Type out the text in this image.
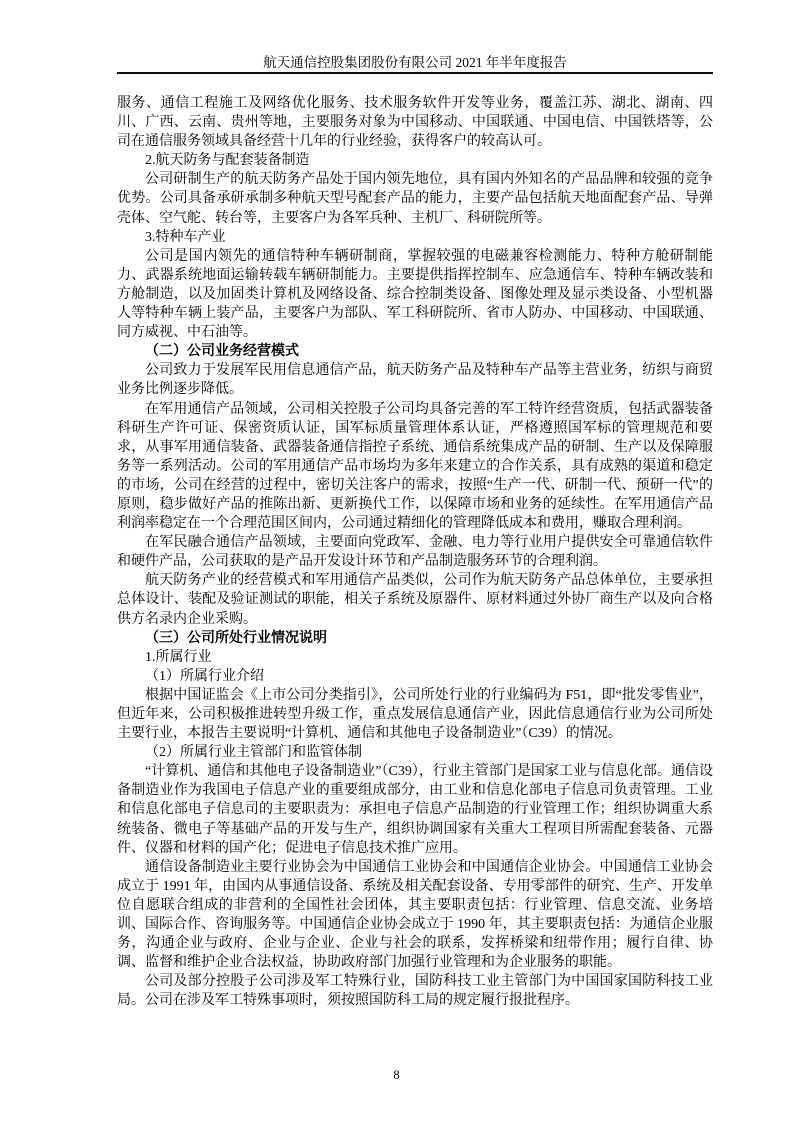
航天通信控股集团股份有限公司 2021 年半年度报告

服务、通信工程施工及网络优化服务、技术服务软件开发等业务，覆盖江苏、湖北、湖南、四川、广西、云南、贵州等地，主要服务对象为中国移动、中国联通、中国电信、中国铁塔等，公司在通信服务领域具备经营十几年的行业经验，获得客户的较高认可。

2.航天防务与配套装备制造

公司研制生产的航天防务产品处于国内领先地位，具有国内外知名的产品品牌和较强的竞争优势。公司具备承研承制多种航天型号配套产品的能力，主要产品包括航天地面配套产品、导弹壳体、空气舵、转台等，主要客户为各军兵种、主机厂、科研院所等。

3.特种车产业

公司是国内领先的通信特种车辆研制商，掌握较强的电磁兼容检测能力、特种方舱研制能力、武器系统地面运输转载车辆研制能力。主要提供指挥控制车、应急通信车、特种车辆改装和方舱制造，以及加固类计算机及网络设备、综合控制类设备、图像处理及显示类设备、小型机器人等特种车辆上装产品，主要客户为部队、军工科研院所、省市人防办、中国移动、中国联通、同方威视、中石油等。

（二）公司业务经营模式

公司致力于发展军民用信息通信产品，航天防务产品及特种车产品等主营业务，纺织与商贸业务比例逐步降低。

在军用通信产品领域，公司相关控股子公司均具备完善的军工特许经营资质，包括武器装备科研生产许可证、保密资质认证，国军标质量管理体系认证，严格遵照国军标的管理规范和要求，从事军用通信装备、武器装备通信指控子系统、通信系统集成产品的研制、生产以及保障服务等一系列活动。公司的军用通信产品市场均为多年来建立的合作关系，具有成熟的渠道和稳定的市场，公司在经营的过程中，密切关注客户的需求，按照“生产一代、研制一代、预研一代”的原则，稳步做好产品的推陈出新、更新换代工作，以保障市场和业务的延续性。在军用通信产品利润率稳定在一个合理范围区间内，公司通过精细化的管理降低成本和费用，赚取合理利润。

在军民融合通信产品领域，主要面向党政军、金融、电力等行业用户提供安全可靠通信软件和硬件产品，公司获取的是产品开发设计环节和产品制造服务环节的合理利润。

航天防务产业的经营模式和军用通信产品类似，公司作为航天防务产品总体单位，主要承担总体设计、装配及验证测试的职能，相关子系统及原器件、原材料通过外协厂商生产以及向合格供方名录内企业采购。

（三）公司所处行业情况说明

1.所属行业

（1）所属行业介绍

根据中国证监会《上市公司分类指引》，公司所处行业的行业编码为 F51，即“批发零售业”，但近年来，公司积极推进转型升级工作，重点发展信息通信产业，因此信息通信行业为公司所处主要行业，本报告主要说明“计算机、通信和其他电子设备制造业”（C39）的情况。

（2）所属行业主管部门和监管体制

“计算机、通信和其他电子设备制造业”（C39），行业主管部门是国家工业与信息化部。通信设备制造业作为我国电子信息产业的重要组成部分，由工业和信息化部电子信息司负责管理。工业和信息化部电子信息司的主要职责为：承担电子信息产品制造的行业管理工作；组织协调重大系统装备、微电子等基础产品的开发与生产，组织协调国家有关重大工程项目所需配套装备、元器件、仪器和材料的国产化；促进电子信息技术推广应用。

通信设备制造业主要行业协会为中国通信工业协会和中国通信企业协会。中国通信工业协会成立于 1991 年，由国内从事通信设备、系统及相关配套设备、专用零部件的研究、生产、开发单位自愿联合组成的非营利的全国性社会团体，其主要职责包括：行业管理、信息交流、业务培训、国际合作、咨询服务等。中国通信企业协会成立于 1990 年，其主要职责包括：为通信企业服务，沟通企业与政府、企业与企业、企业与社会的联系，发挥桥梁和纽带作用；履行自律、协调、监督和维护企业合法权益，协助政府部门加强行业管理和为企业服务的职能。

公司及部分控股子公司涉及军工特殊行业，国防科技工业主管部门为中国国家国防科技工业局。公司在涉及军工特殊事项时，须按照国防科工局的规定履行报批程序。

8
